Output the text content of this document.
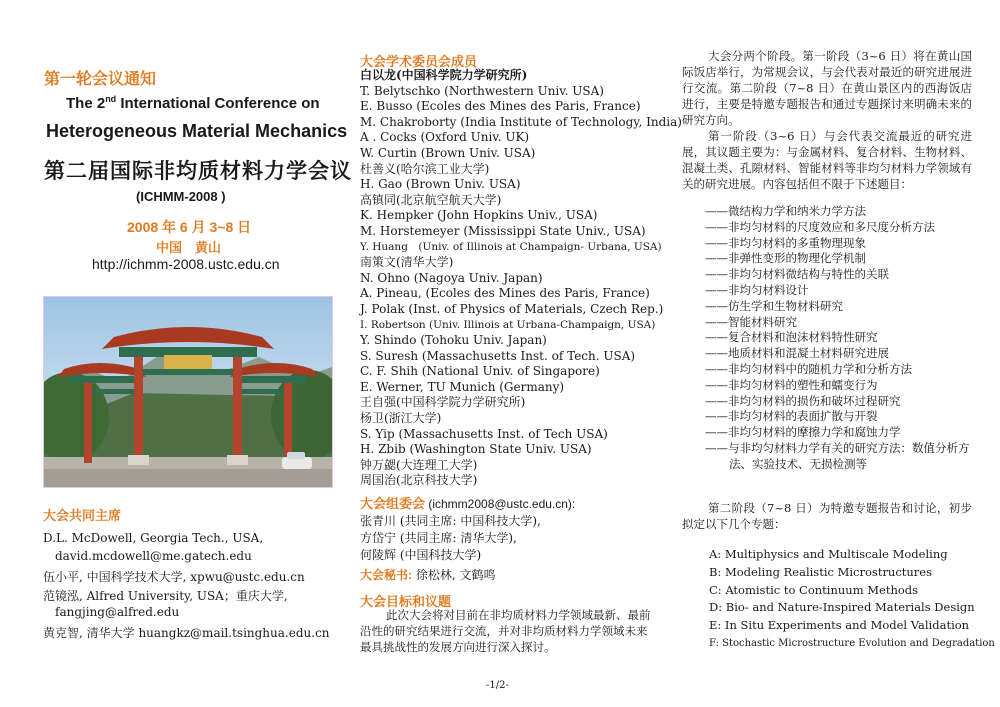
第一轮会议通知
The 2nd International Conference on
Heterogeneous Material Mechanics
第二届国际非均质材料力学会议
(ICHMM-2008 )
2008 年 6 月 3~8 日
中国　黄山
http://ichmm-2008.ustc.edu.cn
大会共同主席
D.L. McDowell, Georgia Tech., USA,
david.mcdowell@me.gatech.edu
伍小平, 中国科学技术大学, xpwu@ustc.edu.cn
范镜泓, Alfred University, USA；重庆大学,
fangjing@alfred.edu
黄克智, 清华大学 huangkz@mail.tsinghua.edu.cn
大会学术委员会成员
白以龙(中国科学院力学研究所)
T. Belytschko (Northwestern Univ. USA)
E. Busso (Ecoles des Mines des Paris, France)
M. Chakroborty (India Institute of Technology, India)
A . Cocks (Oxford Univ. UK)
W. Curtin (Brown Univ. USA)
杜善义(哈尔滨工业大学)
H. Gao (Brown Univ. USA)
高镇同(北京航空航天大学)
K. Hempker (John Hopkins Univ., USA)
M. Horstemeyer (Mississippi State Univ., USA)
Y. Huang　(Univ. of Illinois at Champaign- Urbana, USA)
南策文(清华大学)
N. Ohno (Nagoya Univ. Japan)
A. Pineau, (Ecoles des Mines des Paris, France)
J. Polak (Inst. of Physics of Materials, Czech Rep.)
I. Robertson (Univ. Illinois at Urbana-Champaign, USA)
Y. Shindo (Tohoku Univ. Japan)
S. Suresh (Massachusetts Inst. of Tech. USA)
C. F. Shih (National Univ. of Singapore)
E. Werner, TU Munich (Germany)
王自强(中国科学院力学研究所)
杨卫(浙江大学)
S. Yip (Massachusetts Inst. of Tech USA)
H. Zbib (Washington State Univ. USA)
钟万勰(大连理工大学)
周国治(北京科技大学)
大会组委会 (ichmm2008@ustc.edu.cn):
张青川 (共同主席: 中国科技大学),
方岱宁 (共同主席: 清华大学),
何陵辉 (中国科技大学)
大会秘书: 徐松林, 文鹤鸣
大会目标和议题
此次大会将对目前在非均质材料力学领域最新、最前沿性的研究结果进行交流，并对非均质材料力学领域未来最具挑战性的发展方向进行深入探讨。
大会分两个阶段。第一阶段（3~6 日）将在黄山国际饭店举行，为常规会议，与会代表对最近的研究进展进行交流。第二阶段（7~8 日）在黄山景区内的西海饭店进行，主要是特邀专题报告和通过专题探讨来明确未来的研究方向。
第一阶段（3~6 日）与会代表交流最近的研究进展，其议题主要为：与金属材料、复合材料、生物材料、混凝土类、孔隙材料、智能材料等非均匀材料力学领域有关的研究进展。内容包括但不限于下述题目：
——微结构力学和纳米力学方法
——非均匀材料的尺度效应和多尺度分析方法
——非均匀材料的多重物理现象
——非弹性变形的物理化学机制
——非均匀材料微结构与特性的关联
——非均匀材料设计
——仿生学和生物材料研究
——智能材料研究
——复合材料和泡沫材料特性研究
——地质材料和混凝土材料研究进展
——非均匀材料中的随机力学和分析方法
——非均匀材料的塑性和蠕变行为
——非均匀材料的损伤和破坏过程研究
——非均匀材料的表面扩散与开裂
——非均匀材料的摩擦力学和腐蚀力学
——与非均匀材料力学有关的研究方法：数值分析方法、实验技术、无损检测等
第二阶段（7~8 日）为特邀专题报告和讨论，初步拟定以下几个专题：
A: Multiphysics and Multiscale Modeling
B: Modeling Realistic Microstructures
C: Atomistic to Continuum Methods
D: Bio- and Nature-Inspired Materials Design
E: In Situ Experiments and Model Validation
F: Stochastic Microstructure Evolution and Degradation
-1/2-
